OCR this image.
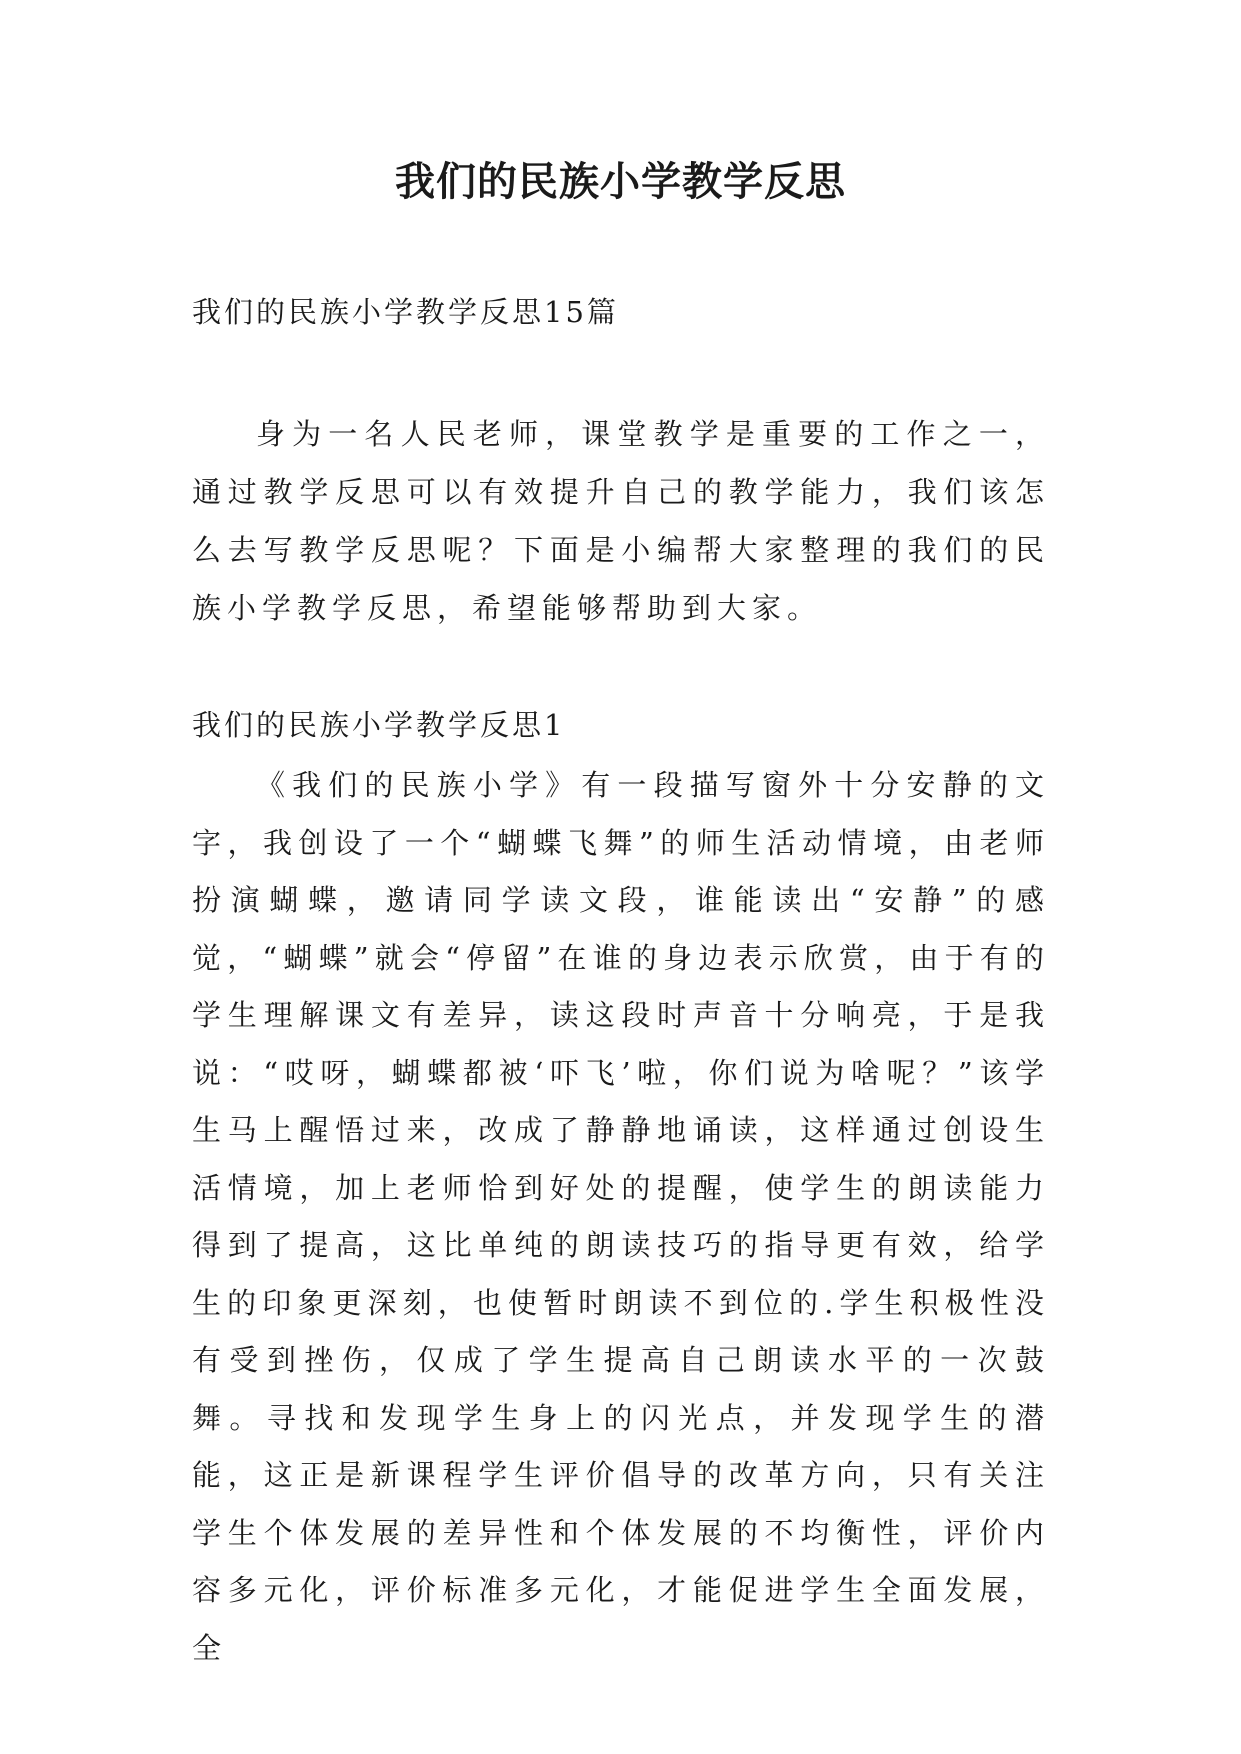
我们的民族小学教学反思

我们的民族小学教学反思15篇

身为一名人民老师，课堂教学是重要的工作之一，通过教学反思可以有效提升自己的教学能力，我们该怎么去写教学反思呢？下面是小编帮大家整理的我们的民族小学教学反思，希望能够帮助到大家。

我们的民族小学教学反思1

《我们的民族小学》有一段描写窗外十分安静的文字，我创设了一个“蝴蝶飞舞”的师生活动情境，由老师扮演蝴蝶，邀请同学读文段，谁能读出“安静”的感觉，“蝴蝶”就会“停留”在谁的身边表示欣赏，由于有的学生理解课文有差异，读这段时声音十分响亮，于是我说：“哎呀，蝴蝶都被‘吓飞’啦，你们说为啥呢？”该学生马上醒悟过来，改成了静静地诵读，这样通过创设生活情境，加上老师恰到好处的提醒，使学生的朗读能力得到了提高，这比单纯的朗读技巧的指导更有效，给学生的印象更深刻，也使暂时朗读不到位的.学生积极性没有受到挫伤，仅成了学生提高自己朗读水平的一次鼓舞。寻找和发现学生身上的闪光点，并发现学生的潜能，这正是新课程学生评价倡导的改革方向，只有关注学生个体发展的差异性和个体发展的不均衡性，评价内容多元化，评价标准多元化，才能促进学生全面发展，全
